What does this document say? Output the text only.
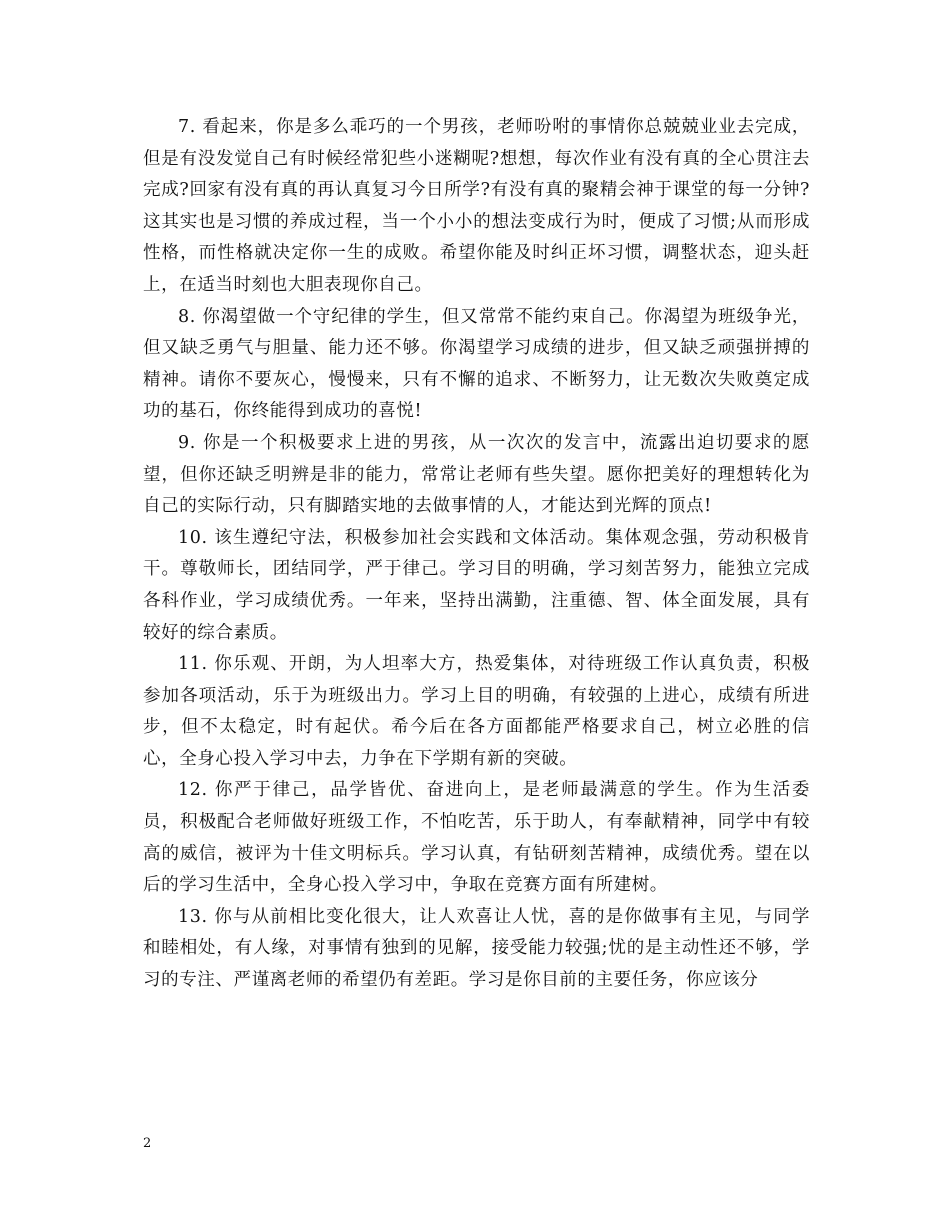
7. 看起来，你是多么乖巧的一个男孩，老师吩咐的事情你总兢兢业业去完成，但是有没发觉自己有时候经常犯些小迷糊呢?想想，每次作业有没有真的全心贯注去完成?回家有没有真的再认真复习今日所学?有没有真的聚精会神于课堂的每一分钟?这其实也是习惯的养成过程，当一个小小的想法变成行为时，便成了习惯;从而形成性格，而性格就决定你一生的成败。希望你能及时纠正坏习惯，调整状态，迎头赶上，在适当时刻也大胆表现你自己。

8. 你渴望做一个守纪律的学生，但又常常不能约束自己。你渴望为班级争光，但又缺乏勇气与胆量、能力还不够。你渴望学习成绩的进步，但又缺乏顽强拼搏的精神。请你不要灰心，慢慢来，只有不懈的追求、不断努力，让无数次失败奠定成功的基石，你终能得到成功的喜悦!

9. 你是一个积极要求上进的男孩，从一次次的发言中，流露出迫切要求的愿望，但你还缺乏明辨是非的能力，常常让老师有些失望。愿你把美好的理想转化为自己的实际行动，只有脚踏实地的去做事情的人，才能达到光辉的顶点!

10. 该生遵纪守法，积极参加社会实践和文体活动。集体观念强，劳动积极肯干。尊敬师长，团结同学，严于律己。学习目的明确，学习刻苦努力，能独立完成各科作业，学习成绩优秀。一年来，坚持出满勤，注重德、智、体全面发展，具有较好的综合素质。

11. 你乐观、开朗，为人坦率大方，热爱集体，对待班级工作认真负责，积极参加各项活动，乐于为班级出力。学习上目的明确，有较强的上进心，成绩有所进步，但不太稳定，时有起伏。希今后在各方面都能严格要求自己，树立必胜的信心，全身心投入学习中去，力争在下学期有新的突破。

12. 你严于律己，品学皆优、奋进向上，是老师最满意的学生。作为生活委员，积极配合老师做好班级工作，不怕吃苦，乐于助人，有奉献精神，同学中有较高的威信，被评为十佳文明标兵。学习认真，有钻研刻苦精神，成绩优秀。望在以后的学习生活中，全身心投入学习中，争取在竞赛方面有所建树。

13. 你与从前相比变化很大，让人欢喜让人忧，喜的是你做事有主见，与同学和睦相处，有人缘，对事情有独到的见解，接受能力较强;忧的是主动性还不够，学习的专注、严谨离老师的希望仍有差距。学习是你目前的主要任务，你应该分

2
